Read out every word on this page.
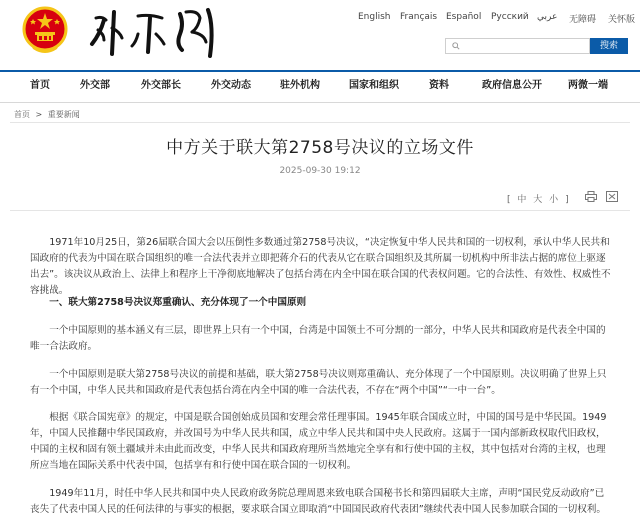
English Français Español Русский عربي 无障碍 关怀版
搜索
首页	外交部	外交部长	外交动态	驻外机构	国家和组织	资料	政府信息公开	两微一端
首页 > 重要新闻
中方关于联大第2758号决议的立场文件
2025-09-30 19:12
[ 中 大 小 ]

1971年10月25日，第26届联合国大会以压倒性多数通过第2758号决议，“决定恢复中华人民共和国的一切权利，承认中华人民共和国政府的代表为中国在联合国组织的唯一合法代表并立即把蒋介石的代表从它在联合国组织及其所属一切机构中所非法占据的席位上驱逐出去”。该决议从政治上、法律上和程序上干净彻底地解决了包括台湾在内全中国在联合国的代表权问题。它的合法性、有效性、权威性不容挑战。

一、联大第2758号决议郑重确认、充分体现了一个中国原则

一个中国原则的基本涵义有三层，即世界上只有一个中国，台湾是中国领土不可分割的一部分，中华人民共和国政府是代表全中国的唯一合法政府。

一个中国原则是联大第2758号决议的前提和基础，联大第2758号决议则郑重确认、充分体现了一个中国原则。决议明确了世界上只有一个中国，中华人民共和国政府是代表包括台湾在内全中国的唯一合法代表，不存在“两个中国”“一中一台”。

根据《联合国宪章》的规定，中国是联合国创始成员国和安理会常任理事国。1945年联合国成立时，中国的国号是中华民国。1949年，中国人民推翻中华民国政府，并改国号为中华人民共和国，成立中华人民共和国中央人民政府。这属于一国内部新政权取代旧政权，中国的主权和固有领土疆域并未由此而改变，中华人民共和国政府理所当然地完全享有和行使中国的主权，其中包括对台湾的主权，也理所应当地在国际关系中代表中国，包括享有和行使中国在联合国的一切权利。

1949年11月，时任中华人民共和国中央人民政府政务院总理周恩来致电联合国秘书长和第四届联大主席，声明“国民党反动政府”已丧失了代表中国人民的任何法律的与事实的根据，要求联合国立即取消“中国国民政府代表团”继续代表中国人民参加联合国的一切权利。
